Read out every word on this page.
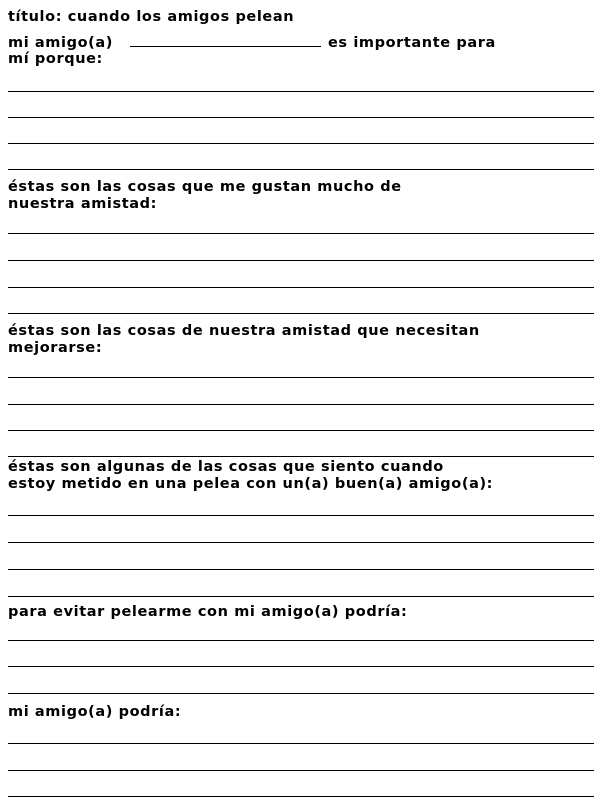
título: cuando los amigos pelean

mi amigo(a)	es importante para

mí porque:

éstas son las cosas que me gustan mucho de

nuestra amistad:

éstas son las cosas de nuestra amistad que necesitan

mejorarse:

éstas son algunas de las cosas que siento cuando

estoy metido en una pelea con un(a) buen(a) amigo(a):

para evitar pelearme con mi amigo(a) podría:

mi amigo(a) podría:
